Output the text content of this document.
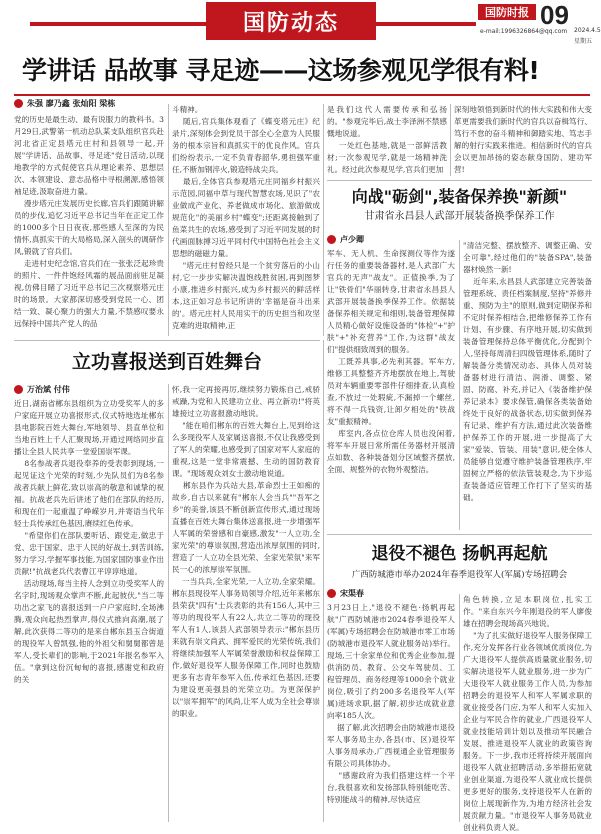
国防动态	国防时报 09
e-mail:1996326864@qq.com 2024.4.5
星期五
学讲话 品故事 寻足迹——这场参观见学很有料!
朱强 廖乃鑫 张灿阳 梁栋
党的历史是最生动、最有说服力的教科书。3月29日,武警第一机动总队某支队组织官兵赴河北省正定县塔元庄村和县领导一起,开展"学讲话、品故事、寻足迹"党日活动,以现地教学的方式促使官兵从理论素养、思想层次、本领建设、意志品格中寻根溯源,感悟领袖足迹,汲取奋进力量。
漫步塔元庄发展历史长廊,官兵们跟随讲解员的步伐,追忆习近平总书记当年在正定工作的1000多个日日夜夜,那些感人至深的为民情怀,真抓实干的大局格局,深入剖头的调研作风,锻就了官兵们。
走进村史纪念馆,官兵们在一张张泛起珍贵的照片、一件件饱经风霜的展品面前驻足凝视,仿佛目睹了习近平总书记三次视察塔元庄时的场景。大家都深切感受到党民一心、团结一致、凝心聚力的强大力量,不禁感叹要永远保持中国共产党人的品
斗精神。
随后,官兵集体观看了《蝶变塔元庄》纪录片,深刻体会到党员干部全心全意为人民服务的根本宗旨和真抓实干的优良作风。官兵们纷纷表示,一定不负青春韶华,勇担强军重任,不断加钢淬火,锻造特战尖兵。
最后,全体官兵参观塔元庄同福乡村振兴示范园,同福中草与现代智慧农场,见识了"农业做成产业化、养老做成市场化、旅游做成规范化"的美丽乡村"蝶变";还距离接触到了鱼菜共生的农场,感受到了习近平同发展的时代画面脉搏习近平同村代中国特色社会主义思想的磁磁力量。
"塔元庄村曾经只是一个贫穷落后的小山村,它一步步实解决温饱线胜贫困,再到图梦小康,推进乡村振兴,成为乡村振兴的鲜活样本,这正如习总书记所讲的'幸福是奋斗出来的'。塔元庄村人民用实干的历史担当和攻坚克难的进取精神,正
是我们这代人需要传承和弘扬的。"参观完毕后,战士李泽洲不禁感慨地说道。
一处红色基地,就是一部鲜活教材;一次参观见学,就是一场精神洗礼。经过此次参观见学,官兵们更加
深刻地领悟到新时代的伟大实践和伟大变革更需要我们新时代的官兵以奋楫笃行、笃行不怠的奋斗精神和御踏实地、笃志手解的射行实践来推进。相信新时代的官兵会以更加昂扬的姿态献身国防、建功军营!
向战"砺剑",装备保养换"新颜"
甘肃省永昌县人武部开展装备换季保养工作
卢少卿
军车、无人机、生命探测仪等作为遂行任务的重要装备器材,是人武部广大官兵的无声"战友"。正值换季,为了让"铁骨们"华丽转身,甘肃省永昌县人武部开展装备换季保养工作。依据装备保养相关规定和细则,装备管理保障人员精心做好设施设备的"体检"+"护肤"+"补充营养"工作,为这群"战友们"提供细致周到的服务。
工既养具事,必先利其器。军车方,维修工具整整齐齐地摆放在地上,驾驶员对车辆重要零部件仔细排查,认真检查,不放过一处瑕疵,不漏掉一个螺丝,将不得一兵钱资,让卸夕相处的"铁战友"重振精神。
库室内,各点位仓库人员也没闲着,将军车开展日常所需任务器材开展清点如数、各种装备划分区域整齐摆放,全面、规整外的衣物外观整洁。
"清洁完整、摆放整齐、调整正确、安全可靠",经过他们的"装备SPA",装备器材焕然一新!
近年来,永昌县人武部建立完善装备管理系统、责任档案制度,坚持"养修并重、预防为主"的原则,做到定期保养和不定时保养相结合,把维修保养工作有计划、有步骤、有序地开展,切实做到装备管理保持总体平衡优化,分配到个人,坚持每周清扫四级管理体系,随时了解装备分类情况动态、具体人员对装备器材进行清洁、润滑、调整、紧固、防腐、补充,并记入《装备维护保养记录本》要求保管,确保各类装备始终处于良好的战备状态,切实做到保养有记录、维护有方法,通过此次装备维护保养工作的开展,进一步提高了大家"爱装、管装、用装"意识,使全体人员能够自觉遵守维护装备管理秩序,牢固树立严格的依法管装观念,为下步巡查装备适应管理工作打下了坚实的基础。
立功喜报送到百姓舞台
万治斌 付伟
近日,湖南省郴东县组织为立功受奖军人的多户家庭开展立功喜报形式,仪式特地选址郴东县电影院百姓大舞台,军地领导、县直单位和当地百姓上千人汇聚现场,开通过网络同步直播让全县人民共享一堂爱国崇军课。
8名参战者兵退役奉养的受表彰到现场,一起见证这个光荣的时刻,少先队员们为8名参战者兵献上鲜花,致以崇高的敬意和诚挚的祝福。抗战老兵先后讲述了他们在部队的经历,和现在们一起重温了峥嵘岁月,并寄语当代年轻士兵传承红色基因,赓续红色传承。
"希望你们在部队要听话、跟党走,做忠于党、忠于国家、忠于人民的好战士,到苦训练,努力学习,学握军事技能,为国家国防事业作出贡献!"抗战老兵代表曹江平谆谆地道。
活动现场,每当主持人念到立功受奖军人的名字时,现场观众掌声不断,此起彼伏,"当二等功出之家飞的喜报送到一户户家庭时,全场沸腾,观众向起热烈掌声,得仪式推向高潮,展了解,此次获得二等功的是来自郴东县玉合街道的现役军人曾凯强,他的外祖父和舅舅都曾是军人,受长辈们的影响,于2021年报名参军入伍。"拿到这份沉甸甸的喜报,感谢党和政府的关
怀,我一定再接再厉,继续努力锻炼自己,戒骄戒躁,为党和人民建功立业、再立新功!"将英雄接过立功喜报激动地说。
"能在咱们郴东的百姓大舞台上,见到给这么多现役军人及家属送喜报,不仅让我感受到了军人的荣耀,也感受到了国家对军人家庭的重视,这是一堂非常震撼、生动的国防教育课。"现场观众刘女士激动地说道。
郴东县作为兵站大县,革命烈士王如痴的故乡,自古以来就有"郴东人会当兵""吾军之乡"的美誉,该县不断创新宣传形式,通过现场直播在百姓大舞台集体送喜报,进一步增强军人军属的荣誉感和自豪感,激发"一人立功,全家光荣"的尊崇氛围,营造出浓厚氛围的同时,营造了一人立功全县光荣、全家光荣氛"来军民一心的浓厚崇军氛围。
一当兵兵,全家光荣,一人立功,全家荣耀。郴东县现役军人事务局领导介绍,近年来郴东县荣获"四有"士兵表彰的共有156人,其中三等功的现役军人有22人,共立二等功的现役军人有1人,该县人武部领导表示:"郴东县历来就有崇文尚武、拥军爱民的光荣传统,我们将继续加强军人军属荣誉激励和权益保障工作,做好退役军人服务保障工作,同时也鼓励更多有志青年参军入伍,传承红色基因,还要为建设更美强县的光荣立功。为更深保护以"崇军拥军"的风尚,让军人成为全社会尊崇的职业。
退役不褪色 扬帆再起航
广西防城港市举办2024年春季退役军人(军属)专场招聘会
宋渠春
3月23日上,"退役不褪色·扬帆再起航"广西防城港市2024春季退役军人(军属)专场招聘会在防城港市零工市场(防城港市退役军人就业服务站)举行。现场,三十余家单位和优秀企业参加,提供消防员、教育、公交车驾驶员、工程管理员、商务经理等1000余个就业岗位,吸引了约200多名退役军人(军属)进场求职,据了解,初步达成就业意向率185人次。
据了解,此次招聘会由防城港市退役军人事务局主办,各县(市、区)退役军人事务局承办,广西视通企业管理服务有限公司具体协办。
"感谢政府为我们搭建这样一个平台,我很喜欢和发扬部队特别能吃苦、特别能战斗的精神,尽快适应
角色转换,立足本职岗位,扎实工作。"来自东兴今年刚退役的军人廖俊雄在招聘会现场高兴地说。
"为了扎实做好退役军人服务保障工作,充分发挥各行业各领域优质岗位,为广大退役军人提供高质量就业服务,切实解决退役军人就业服务,进一步为广大退役军人就业服务工作人员,为参加招聘会的退役军人和军人军属求职的就业接受各门应,为军人和军人实加入企业与军民合作的就业,广西退役军人就业技能培训计划以及推动军民融合发展、推进退役军人就业的政策咨询服务。下一步,我市还将持续开展面向退役军人就业招聘活动,多举措拓宽就业创业渠道,为退役军人就业成长提供更多更好的服务,支持退役军人在新的岗位上展现新作为,为地方经济社会发展贡献力量。"市退役军人事务局就业创业科负责人说。
